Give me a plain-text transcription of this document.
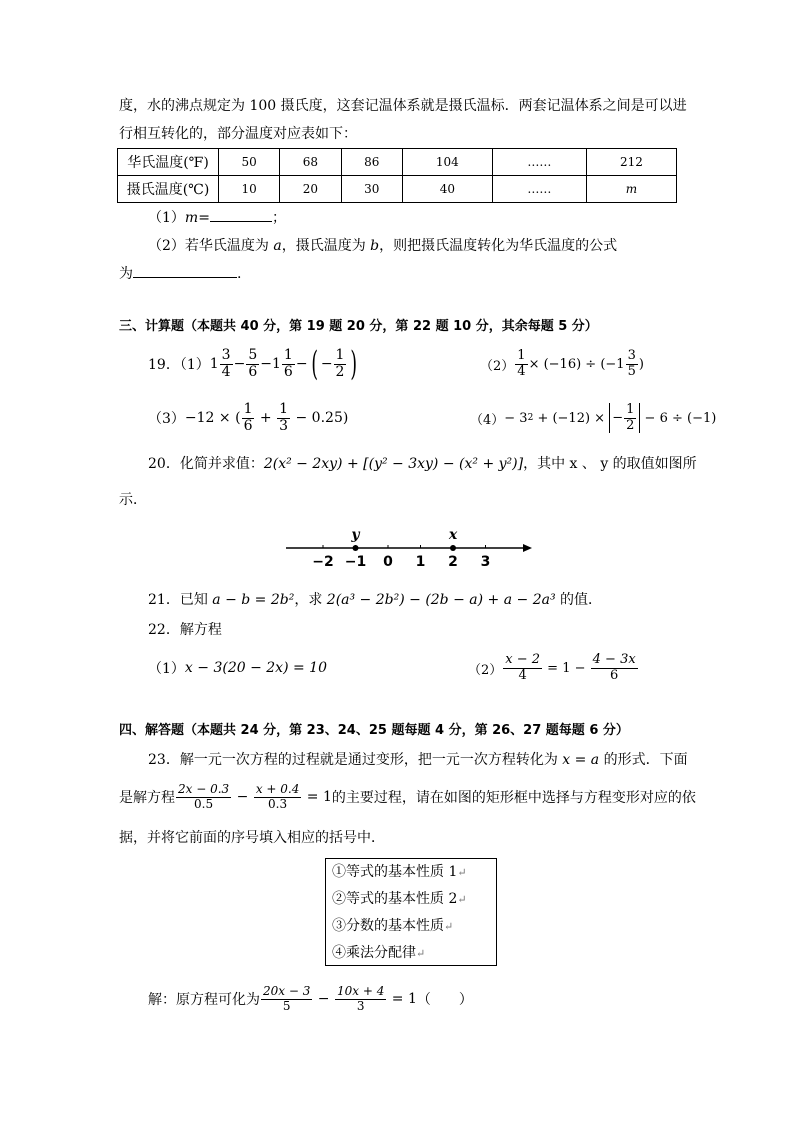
度，水的沸点规定为 100 摄氏度，这套记温体系就是摄氏温标．两套记温体系之间是可以进
行相互转化的，部分温度对应表如下：
华氏温度(℉)	50	68	86	104	……	212
摄氏温度(℃)	10	20	30	40	……	m
（1）m=	；
（2）若华氏温度为 a，摄氏温度为 b，则把摄氏温度转化为华氏温度的公式
为	.
三、计算题（本题共 40 分，第 19 题 20 分，第 22 题 10 分，其余每题 5 分）
19．（1） $1 \frac{3}{4} - \frac{5}{6} - 1 \frac{1}{6}$ − ( − $\frac{1}{2}$ )	$(2) \frac{1}{4} \times (-16) \div (-1 \frac{3}{5}$ )
（3） −12 × ( $\frac{1}{6} + \frac{1}{3} - 0.25$)	（4） − 3 2 + (−12) × − $\frac{1}{2} - 6 \div (-1)$
20．化简并求值：2(x² − 2xy) + [(y² − 3xy) − (x² + y²)]，其中 x 、 y 的取值如图所
示．
−2 −1 0 1 2 3
y	x
21．已知 a − b = 2b²，求 2(a³ − 2b²) − (2b − a) + a − 2a³ 的值．
22．解方程
（1） x − 3(20 − 2x) = 10	$(2) \frac{x - 2}{4} = 1 - \frac{4 - 3x}{6}$
四、解答题（本题共 24 分，第 23、24、25 题每题 4 分，第 26、27 题每题 6 分）
23．解一元一次方程的过程就是通过变形，把一元一次方程转化为 x = a 的形式．下面
是解方程 $\frac{2x - 0.3}{0.5} - \frac{x + 0.4}{0.3} = 1$ 的主要过程，请在如图的矩形框中选择与方程变形对应的依
据，并将它前面的序号填入相应的括号中．
①等式的基本性质 1↵
②等式的基本性质 2↵
③分数的基本性质↵
④乘法分配律↵
解：原方程可化为 $\frac{20x - 3}{5} - \frac{10x + 4}{3} = 1$ （　　）
